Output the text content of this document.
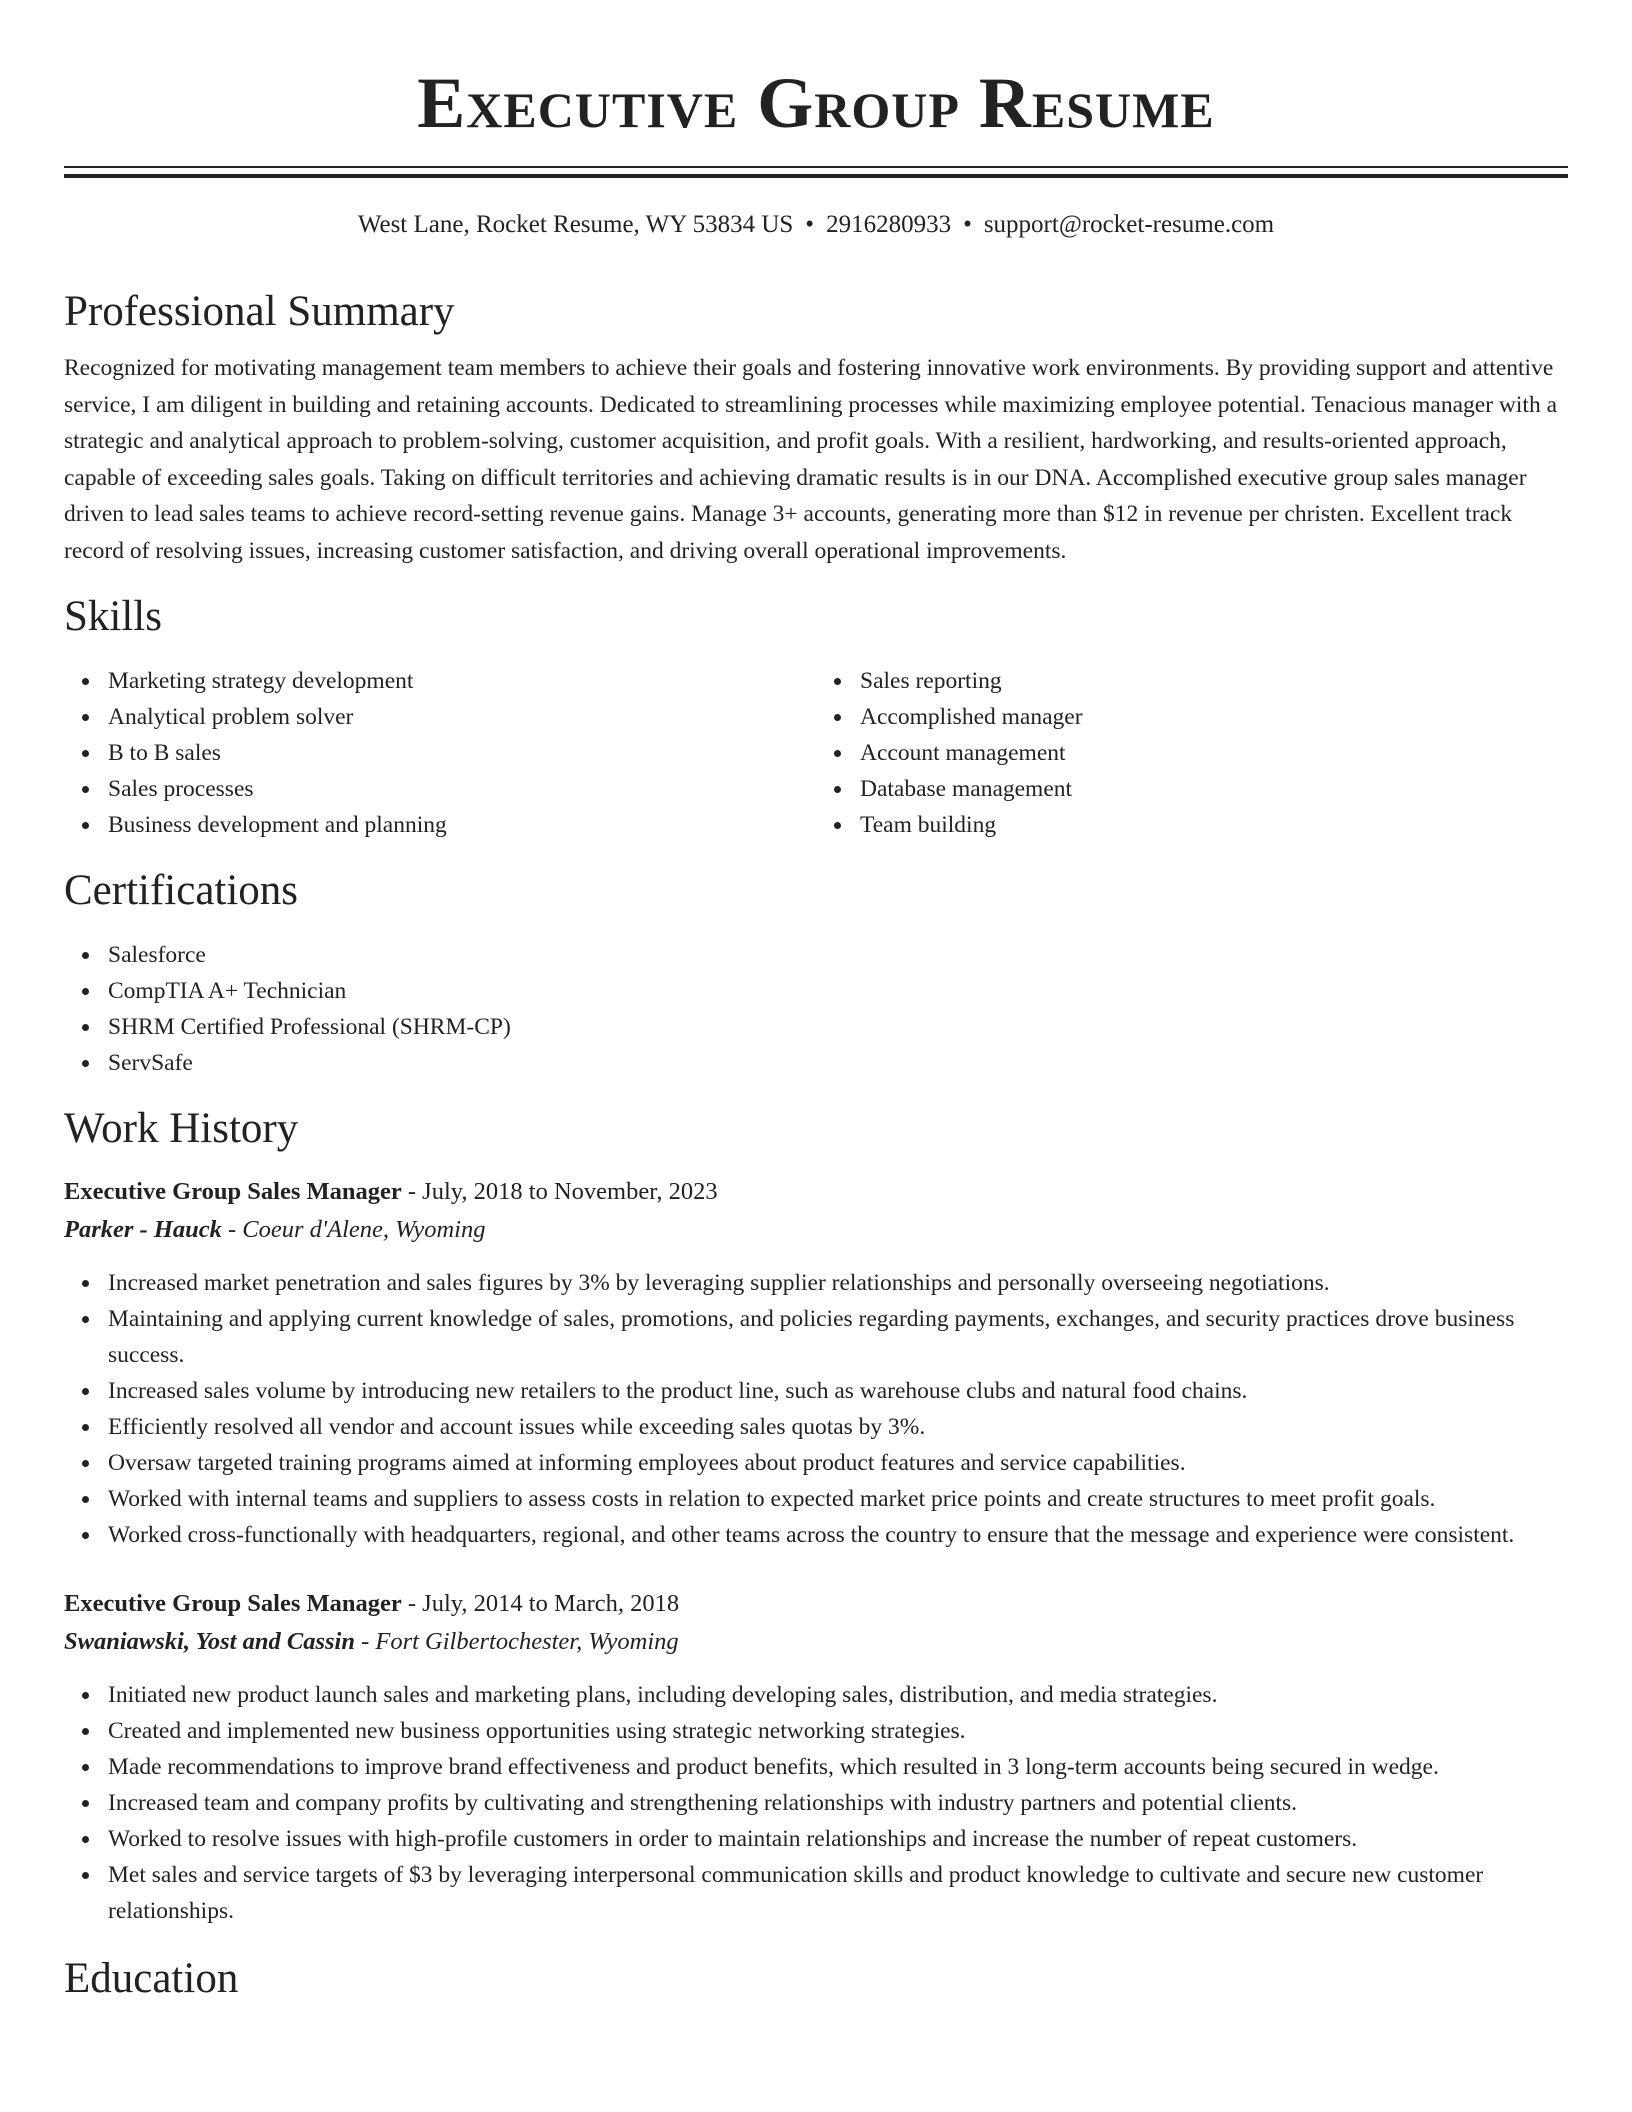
Executive Group Resume
West Lane, Rocket Resume, WY 53834 US • 2916280933 • support@rocket-resume.com
Professional Summary
Recognized for motivating management team members to achieve their goals and fostering innovative work environments. By providing support and attentive service, I am diligent in building and retaining accounts. Dedicated to streamlining processes while maximizing employee potential. Tenacious manager with a strategic and analytical approach to problem-solving, customer acquisition, and profit goals. With a resilient, hardworking, and results-oriented approach, capable of exceeding sales goals. Taking on difficult territories and achieving dramatic results is in our DNA. Accomplished executive group sales manager driven to lead sales teams to achieve record-setting revenue gains. Manage 3+ accounts, generating more than $12 in revenue per christen. Excellent track record of resolving issues, increasing customer satisfaction, and driving overall operational improvements.
Skills
Marketing strategy development
Analytical problem solver
B to B sales
Sales processes
Business development and planning
Sales reporting
Accomplished manager
Account management
Database management
Team building
Certifications
Salesforce
CompTIA A+ Technician
SHRM Certified Professional (SHRM-CP)
ServSafe
Work History
Executive Group Sales Manager - July, 2018 to November, 2023
Parker - Hauck - Coeur d'Alene, Wyoming
Increased market penetration and sales figures by 3% by leveraging supplier relationships and personally overseeing negotiations.
Maintaining and applying current knowledge of sales, promotions, and policies regarding payments, exchanges, and security practices drove business success.
Increased sales volume by introducing new retailers to the product line, such as warehouse clubs and natural food chains.
Efficiently resolved all vendor and account issues while exceeding sales quotas by 3%.
Oversaw targeted training programs aimed at informing employees about product features and service capabilities.
Worked with internal teams and suppliers to assess costs in relation to expected market price points and create structures to meet profit goals.
Worked cross-functionally with headquarters, regional, and other teams across the country to ensure that the message and experience were consistent.
Executive Group Sales Manager - July, 2014 to March, 2018
Swaniawski, Yost and Cassin - Fort Gilbertochester, Wyoming
Initiated new product launch sales and marketing plans, including developing sales, distribution, and media strategies.
Created and implemented new business opportunities using strategic networking strategies.
Made recommendations to improve brand effectiveness and product benefits, which resulted in 3 long-term accounts being secured in wedge.
Increased team and company profits by cultivating and strengthening relationships with industry partners and potential clients.
Worked to resolve issues with high-profile customers in order to maintain relationships and increase the number of repeat customers.
Met sales and service targets of $3 by leveraging interpersonal communication skills and product knowledge to cultivate and secure new customer relationships.
Education
